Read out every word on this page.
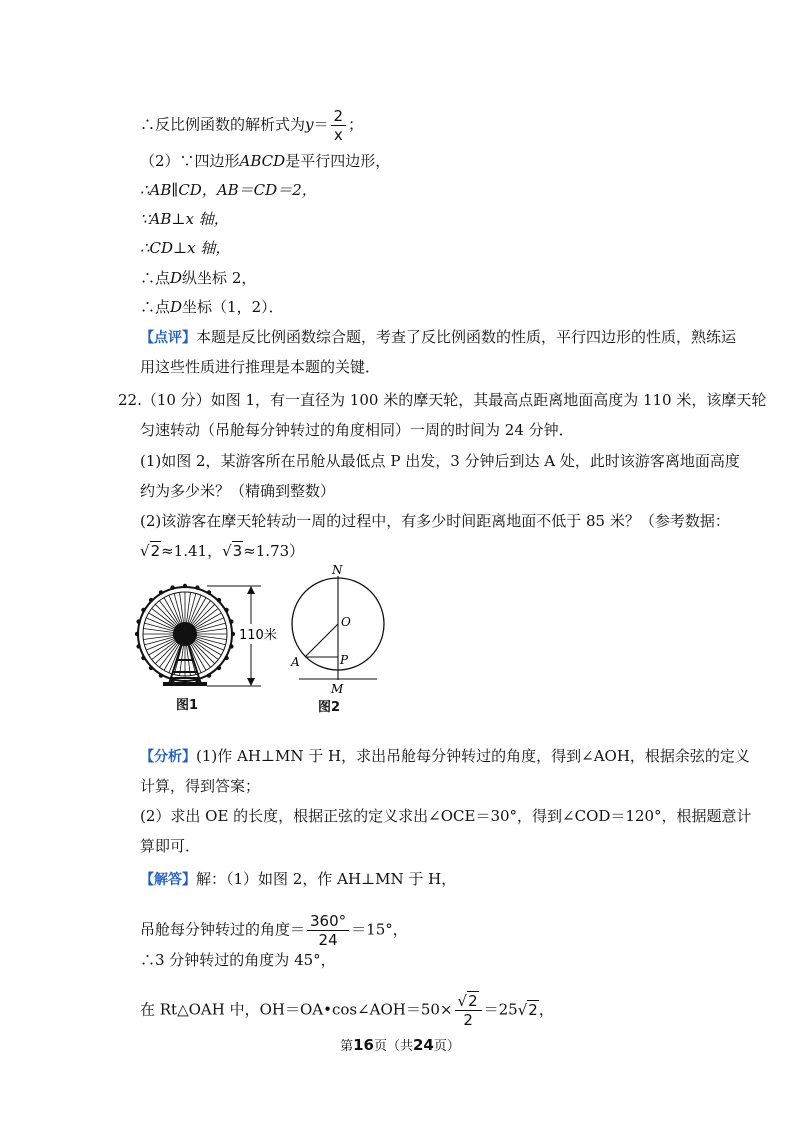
∴反比例函数的解析式为$y= \frac{2}{x}$ ；
（2）∵四边形ABCD是平行四边形，
∴AB∥CD，AB＝CD＝2，
∵AB⊥x 轴，
∴CD⊥x 轴，
∴点D纵坐标 2，
∴点D坐标（1，2）．
【点评】本题是反比例函数综合题，考查了反比例函数的性质，平行四边形的性质，熟练运
用这些性质进行推理是本题的关键．
22.（10 分）如图 1，有一直径为 100 米的摩天轮，其最高点距离地面高度为 110 米，该摩天轮
匀速转动（吊舱每分钟转过的角度相同）一周的时间为 24 分钟．
(1)如图 2，某游客所在吊舱从最低点 P 出发，3 分钟后到达 A 处，此时该游客离地面高度
约为多少米？（精确到整数）
(2)该游客在摩天轮转动一周的过程中，有多少时间距离地面不低于 85 米？（参考数据：
√2≈1.41，√3≈1.73）
110米
图1
N
O
A	P
M
图2
【分析】(1)作 AH⊥MN 于 H，求出吊舱每分钟转过的角度，得到∠AOH，根据余弦的定义
计算，得到答案；
(2）求出 OE 的长度，根据正弦的定义求出∠OCE＝30°，得到∠COD＝120°，根据题意计
算即可．
【解答】解：（1）如图 2，作 AH⊥MN 于 H，
吊舱每分钟转过的角度＝ $\frac{360^\circ}{24} =15^\circ$，
∴3 分钟转过的角度为 45°，
在 Rt△OAH 中，OH＝OA•cos∠AOH＝50× $\frac{√2}{2} =25√2$，
第16页（共24页）
